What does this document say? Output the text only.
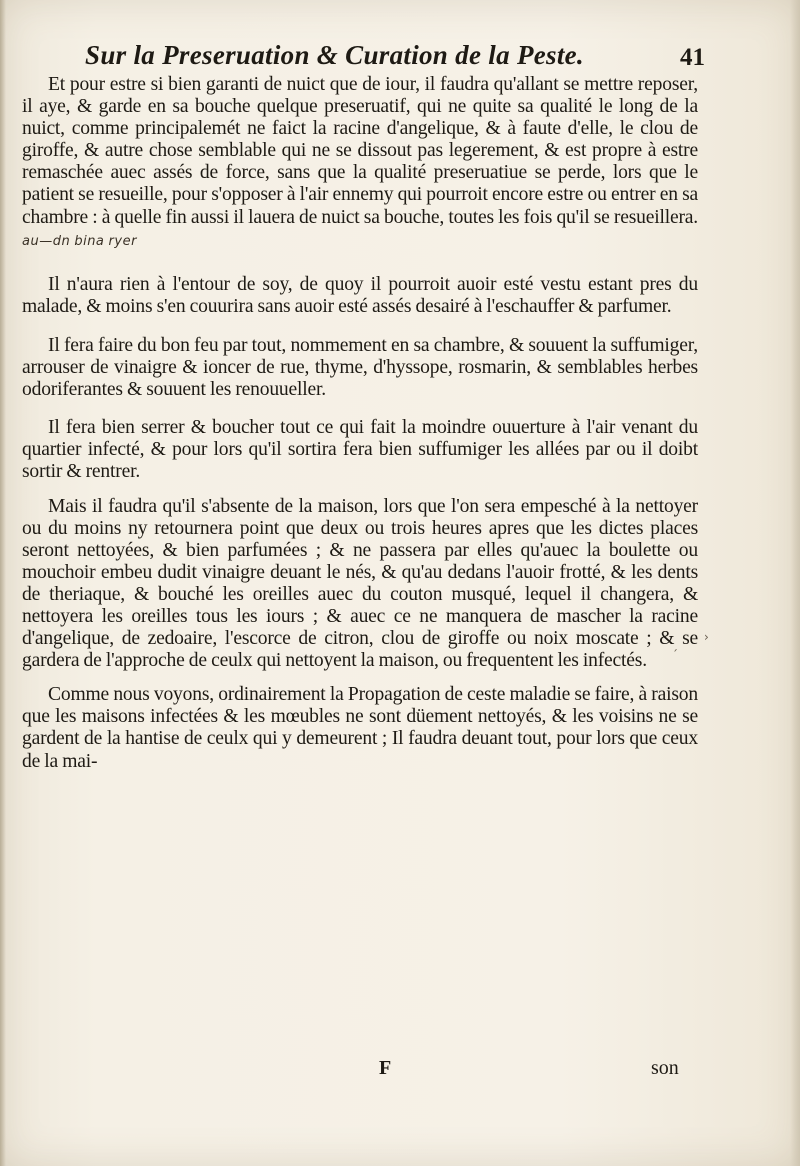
Sur la Preseruation & Curation de la Peste.	41

Et pour estre si bien garanti de nuict que de iour, il faudra qu'allant se mettre reposer, il aye, & garde en sa bouche quelque preseruatif, qui ne quite sa qualité le long de la nuict, comme principalemét ne faict la racine d'angelique, & à faute d'elle, le clou de giroffe, & autre chose semblable qui ne se dissout pas legerement, & est propre à estre remaschée auec assés de force, sans que la qualité preseruatiue se perde, lors que le patient se resueille, pour s'opposer à l'air ennemy qui pourroit encore estre ou entrer en sa chambre : à quelle fin aussi il lauera de nuict sa bouche, toutes les fois qu'il se resueillera. au—dn bina ryer

Il n'aura rien à l'entour de soy, de quoy il pourroit auoir esté vestu estant pres du malade, & moins s'en couurira sans auoir esté assés desairé à l'eschauffer & parfumer.

Il fera faire du bon feu par tout, nommement en sa chambre, & souuent la suffumiger, arrouser de vinaigre & ioncer de rue, thyme, d'hyssope, rosmarin, & semblables herbes odoriferantes & souuent les renouueller.

Il fera bien serrer & boucher tout ce qui fait la moindre ouuerture à l'air venant du quartier infecté, & pour lors qu'il sortira fera bien suffumiger les allées par ou il doibt sortir & rentrer.

Mais il faudra qu'il s'absente de la maison, lors que l'on sera empesché à la nettoyer ou du moins ny retournera point que deux ou trois heures apres que les dictes places seront nettoyées, & bien parfumées ; & ne passera par elles qu'auec la boulette ou mouchoir embeu dudit vinaigre deuant le nés, & qu'au dedans l'auoir frotté, & les dents de theriaque, & bouché les oreilles auec du couton musqué, lequel il changera, & nettoyera les oreilles tous les iours ; & auec ce ne manquera de mascher la racine d'angelique, de zedoaire, l'escorce de citron, clou de giroffe ou noix moscate ; & se gardera de l'approche de ceulx qui nettoyent la maison, ou frequentent les infectés.

Comme nous voyons, ordinairement la Propagation de ceste maladie se faire, à raison que les maisons infectées & les mœubles ne sont düement nettoyés, & les voisins ne se gardent de la hantise de ceulx qui y demeurent ; Il faudra deuant tout, pour lors que ceux de la mai-

›
ˊ
F	son
